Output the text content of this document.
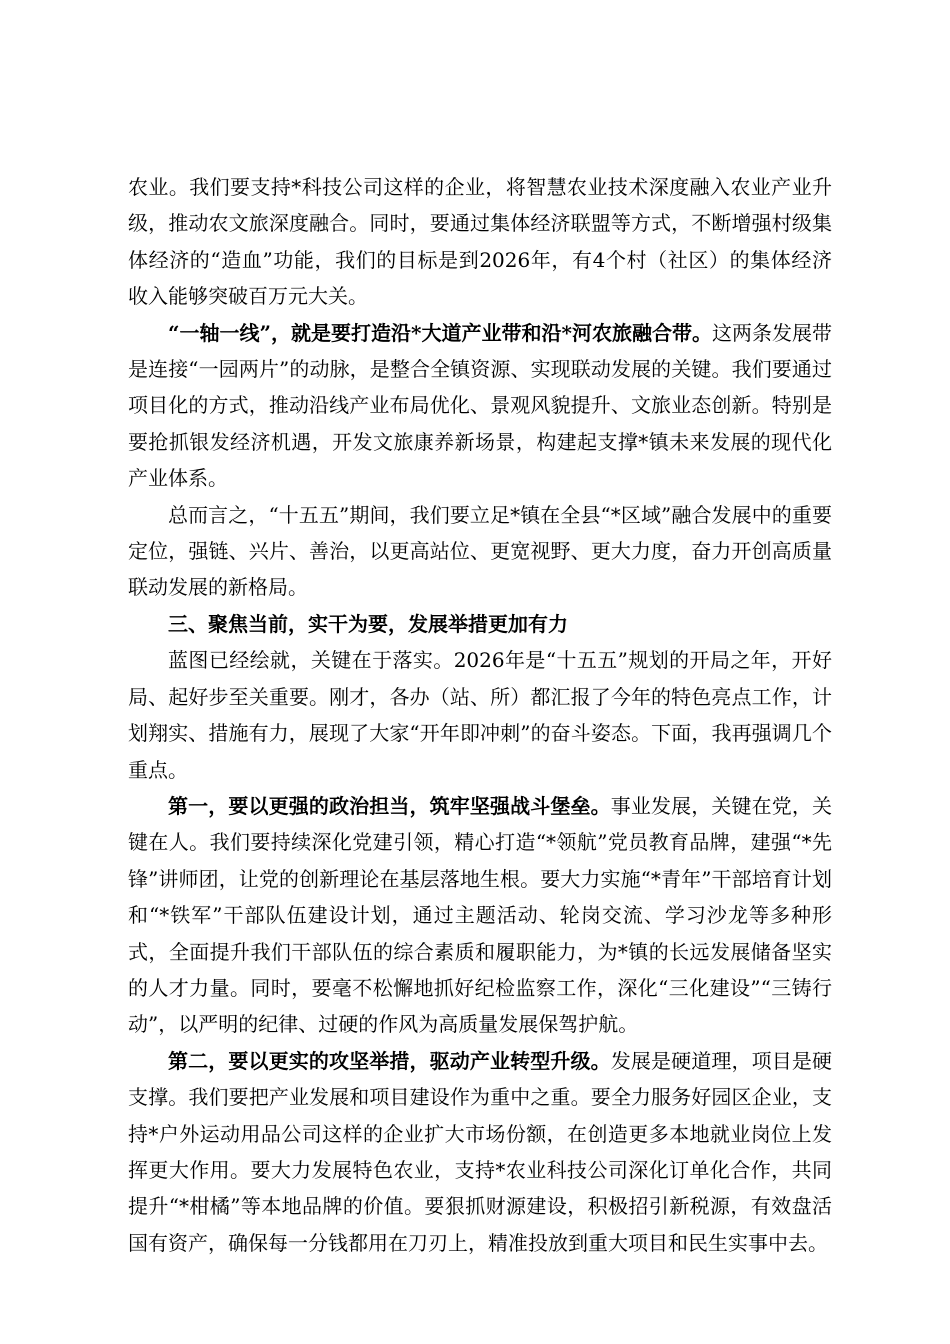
农业。我们要支持*科技公司这样的企业，将智慧农业技术深度融入农业产业升级，推动农文旅深度融合。同时，要通过集体经济联盟等方式，不断增强村级集体经济的“造血”功能，我们的目标是到2026年，有4个村（社区）的集体经济收入能够突破百万元大关。

“一轴一线”，就是要打造沿*大道产业带和沿*河农旅融合带。这两条发展带是连接“一园两片”的动脉，是整合全镇资源、实现联动发展的关键。我们要通过项目化的方式，推动沿线产业布局优化、景观风貌提升、文旅业态创新。特别是要抢抓银发经济机遇，开发文旅康养新场景，构建起支撑*镇未来发展的现代化产业体系。

总而言之，“十五五”期间，我们要立足*镇在全县“*区域”融合发展中的重要定位，强链、兴片、善治，以更高站位、更宽视野、更大力度，奋力开创高质量联动发展的新格局。

三、聚焦当前，实干为要，发展举措更加有力

蓝图已经绘就，关键在于落实。2026年是“十五五”规划的开局之年，开好局、起好步至关重要。刚才，各办（站、所）都汇报了今年的特色亮点工作，计划翔实、措施有力，展现了大家“开年即冲刺”的奋斗姿态。下面，我再强调几个重点。

第一，要以更强的政治担当，筑牢坚强战斗堡垒。事业发展，关键在党，关键在人。我们要持续深化党建引领，精心打造“*领航”党员教育品牌，建强“*先锋”讲师团，让党的创新理论在基层落地生根。要大力实施“*青年”干部培育计划和“*铁军”干部队伍建设计划，通过主题活动、轮岗交流、学习沙龙等多种形式，全面提升我们干部队伍的综合素质和履职能力，为*镇的长远发展储备坚实的人才力量。同时，要毫不松懈地抓好纪检监察工作，深化“三化建设”“三铸行动”，以严明的纪律、过硬的作风为高质量发展保驾护航。

第二，要以更实的攻坚举措，驱动产业转型升级。发展是硬道理，项目是硬支撑。我们要把产业发展和项目建设作为重中之重。要全力服务好园区企业，支持*户外运动用品公司这样的企业扩大市场份额，在创造更多本地就业岗位上发挥更大作用。要大力发展特色农业，支持*农业科技公司深化订单化合作，共同提升“*柑橘”等本地品牌的价值。要狠抓财源建设，积极招引新税源，有效盘活国有资产，确保每一分钱都用在刀刃上，精准投放到重大项目和民生实事中去。
